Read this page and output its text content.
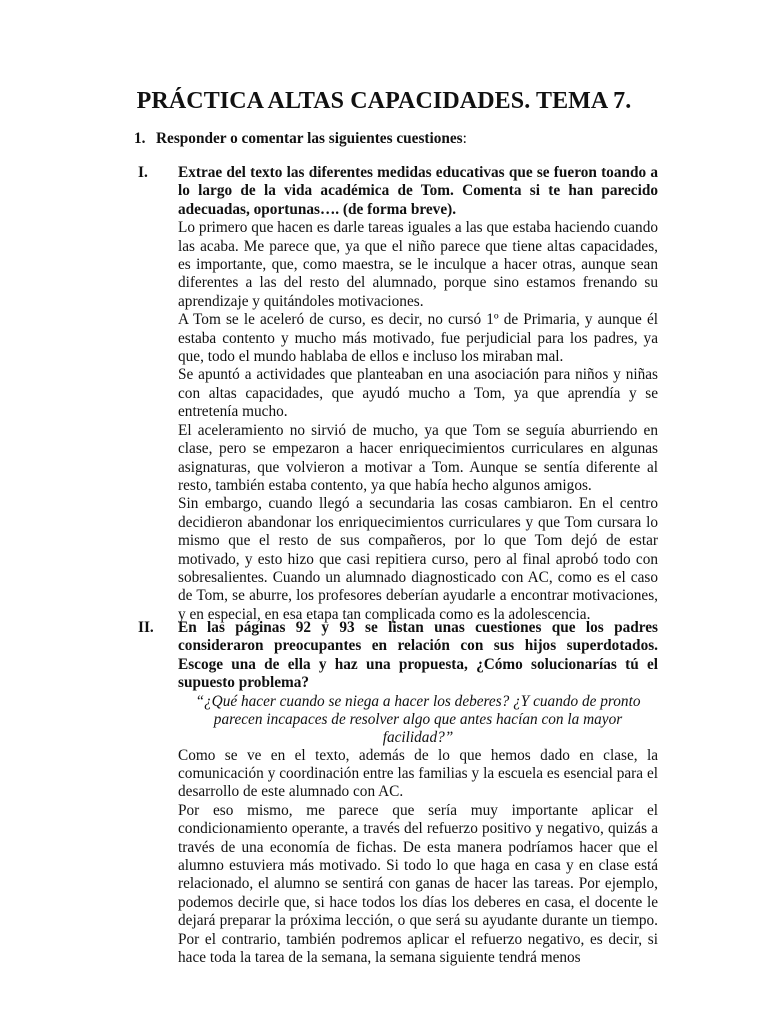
PRÁCTICA ALTAS CAPACIDADES. TEMA 7.
1. Responder o comentar las siguientes cuestiones:
I. Extrae del texto las diferentes medidas educativas que se fueron toando a lo largo de la vida académica de Tom. Comenta si te han parecido adecuadas, oportunas…. (de forma breve).

Lo primero que hacen es darle tareas iguales a las que estaba haciendo cuando las acaba. Me parece que, ya que el niño parece que tiene altas capacidades, es importante, que, como maestra, se le inculque a hacer otras, aunque sean diferentes a las del resto del alumnado, porque sino estamos frenando su aprendizaje y quitándoles motivaciones.

A Tom se le aceleró de curso, es decir, no cursó 1º de Primaria, y aunque él estaba contento y mucho más motivado, fue perjudicial para los padres, ya que, todo el mundo hablaba de ellos e incluso los miraban mal.

Se apuntó a actividades que planteaban en una asociación para niños y niñas con altas capacidades, que ayudó mucho a Tom, ya que aprendía y se entretenía mucho.

El aceleramiento no sirvió de mucho, ya que Tom se seguía aburriendo en clase, pero se empezaron a hacer enriquecimientos curriculares en algunas asignaturas, que volvieron a motivar a Tom. Aunque se sentía diferente al resto, también estaba contento, ya que había hecho algunos amigos.

Sin embargo, cuando llegó a secundaria las cosas cambiaron. En el centro decidieron abandonar los enriquecimientos curriculares y que Tom cursara lo mismo que el resto de sus compañeros, por lo que Tom dejó de estar motivado, y esto hizo que casi repitiera curso, pero al final aprobó todo con sobresalientes. Cuando un alumnado diagnosticado con AC, como es el caso de Tom, se aburre, los profesores deberían ayudarle a encontrar motivaciones, y en especial, en esa etapa tan complicada como es la adolescencia.

II. En las páginas 92 y 93 se listan unas cuestiones que los padres consideraron preocupantes en relación con sus hijos superdotados. Escoge una de ella y haz una propuesta, ¿Cómo solucionarías tú el supuesto problema?

“¿Qué hacer cuando se niega a hacer los deberes? ¿Y cuando de pronto parecen incapaces de resolver algo que antes hacían con la mayor facilidad?”

Como se ve en el texto, además de lo que hemos dado en clase, la comunicación y coordinación entre las familias y la escuela es esencial para el desarrollo de este alumnado con AC.

Por eso mismo, me parece que sería muy importante aplicar el condicionamiento operante, a través del refuerzo positivo y negativo, quizás a través de una economía de fichas. De esta manera podríamos hacer que el alumno estuviera más motivado. Si todo lo que haga en casa y en clase está relacionado, el alumno se sentirá con ganas de hacer las tareas. Por ejemplo, podemos decirle que, si hace todos los días los deberes en casa, el docente le dejará preparar la próxima lección, o que será su ayudante durante un tiempo. Por el contrario, también podremos aplicar el refuerzo negativo, es decir, si hace toda la tarea de la semana, la semana siguiente tendrá menos
